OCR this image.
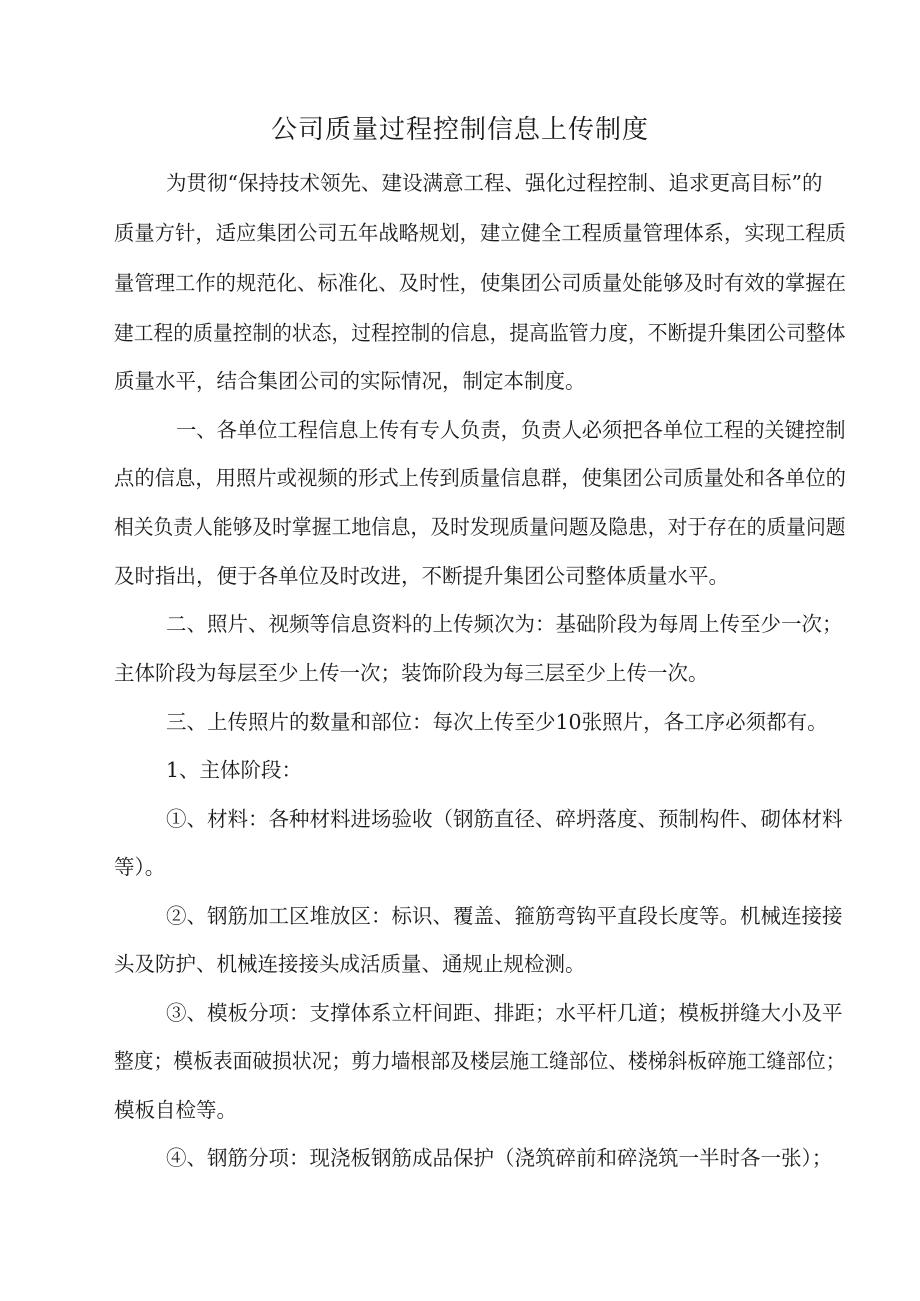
公司质量过程控制信息上传制度
为贯彻“保持技术领先、建设满意工程、强化过程控制、追求更高目标”的
质量方针，适应集团公司五年战略规划，建立健全工程质量管理体系，实现工程质
量管理工作的规范化、标准化、及时性，使集团公司质量处能够及时有效的掌握在
建工程的质量控制的状态，过程控制的信息，提高监管力度，不断提升集团公司整体
质量水平，结合集团公司的实际情况，制定本制度。
一、各单位工程信息上传有专人负责，负责人必须把各单位工程的关键控制
点的信息，用照片或视频的形式上传到质量信息群，使集团公司质量处和各单位的
相关负责人能够及时掌握工地信息，及时发现质量问题及隐患，对于存在的质量问题
及时指出，便于各单位及时改进，不断提升集团公司整体质量水平。
二、照片、视频等信息资料的上传频次为：基础阶段为每周上传至少一次；
主体阶段为每层至少上传一次；装饰阶段为每三层至少上传一次。
三、上传照片的数量和部位：每次上传至少10张照片，各工序必须都有。
1、主体阶段：
①、材料：各种材料进场验收（钢筋直径、碎坍落度、预制构件、砌体材料
等）。
②、钢筋加工区堆放区：标识、覆盖、箍筋弯钩平直段长度等。机械连接接
头及防护、机械连接接头成活质量、通规止规检测。
③、模板分项：支撑体系立杆间距、排距；水平杆几道；模板拼缝大小及平
整度；模板表面破损状况；剪力墙根部及楼层施工缝部位、楼梯斜板碎施工缝部位；
模板自检等。
④、钢筋分项：现浇板钢筋成品保护（浇筑碎前和碎浇筑一半时各一张）；
